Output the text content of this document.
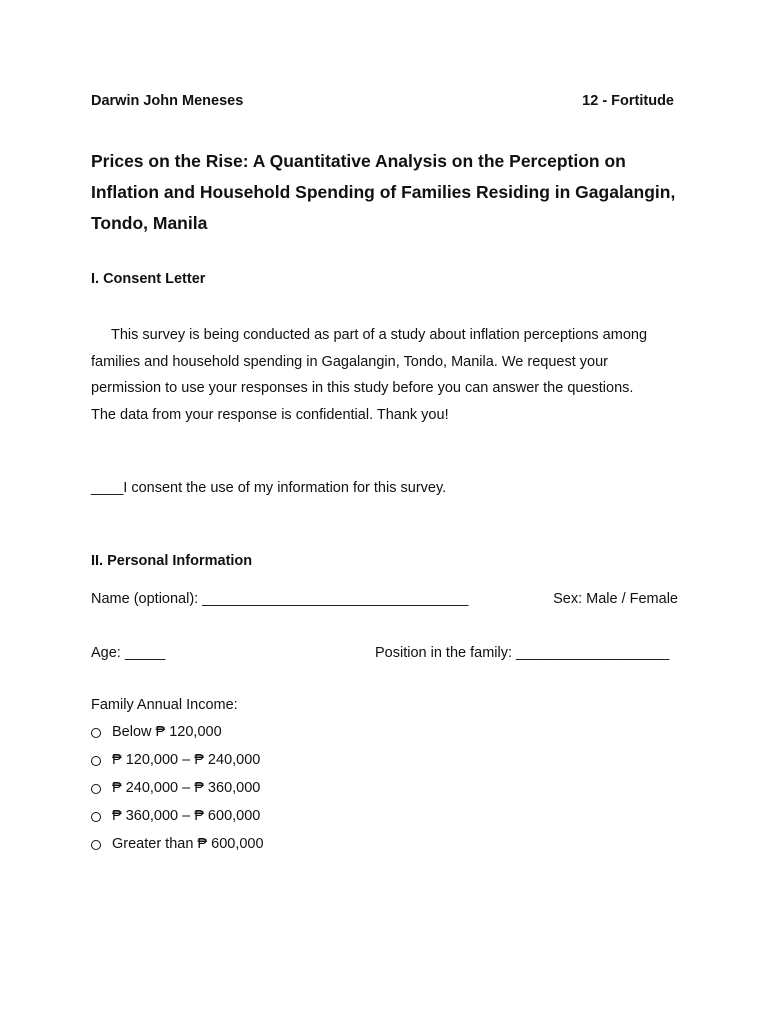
Darwin John Meneses	12 - Fortitude
Prices on the Rise: A Quantitative Analysis on the Perception on
Inflation and Household Spending of Families Residing in Gagalangin,
Tondo, Manila
I. Consent Letter
This survey is being conducted as part of a study about inflation perceptions among
families and household spending in Gagalangin, Tondo, Manila. We request your
permission to use your responses in this study before you can answer the questions.
The data from your response is confidential. Thank you!
____I consent the use of my information for this survey.
II. Personal Information
Name (optional): _________________________________	Sex: Male / Female
Age: _____	Position in the family: ___________________
Family Annual Income:
Below ₱ 120,000
₱ 120,000 – ₱ 240,000
₱ 240,000 – ₱ 360,000
₱ 360,000 – ₱ 600,000
Greater than ₱ 600,000
